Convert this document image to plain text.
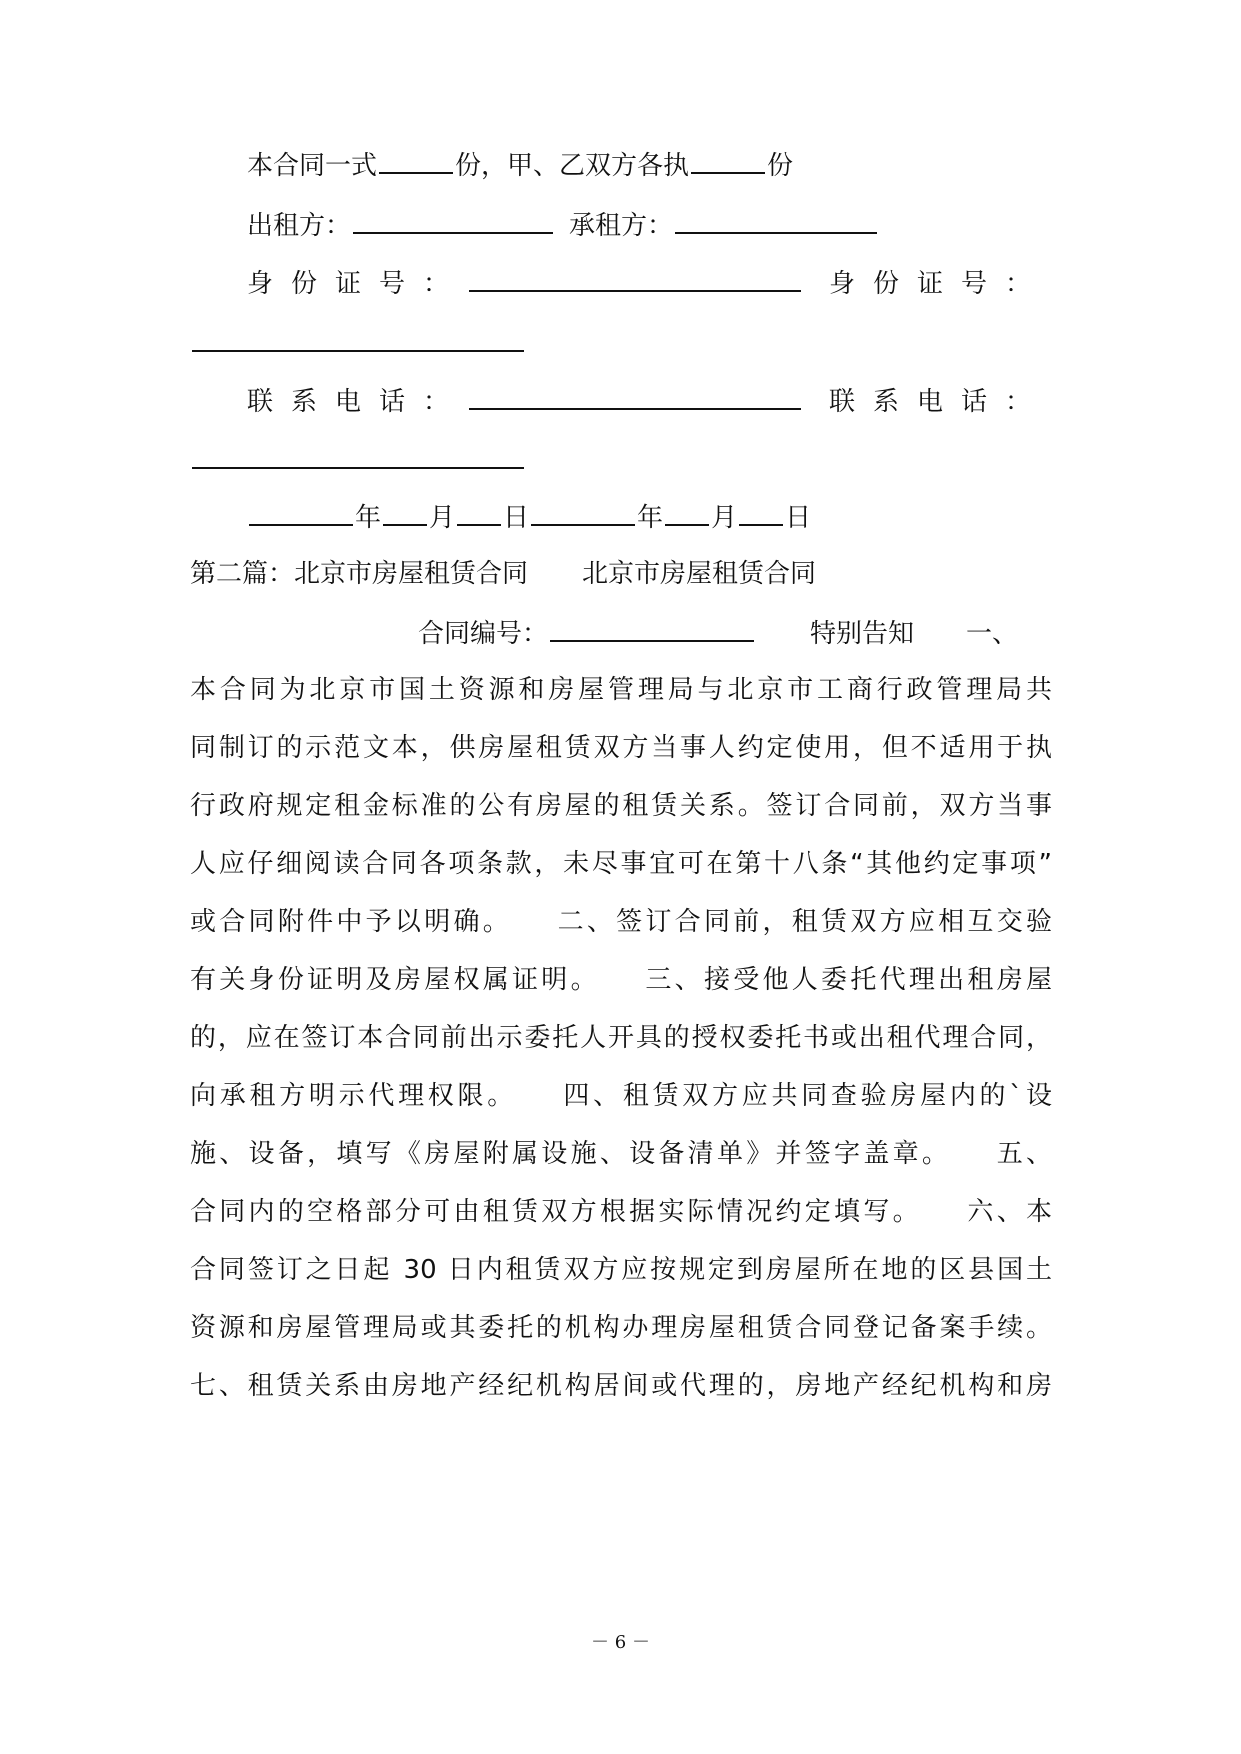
本合同一式	份，甲、乙双方各执	份
出租方：	承租方：
身份证号：	身份证号：
联系电话：	联系电话：
年 月 日	年 月 日
第二篇：北京市房屋租赁合同 北京市房屋租赁合同
合同编号：	特别告知 一、
本合同为北京市国土资源和房屋管理局与北京市工商行政管理局共
同制订的示范文本，供房屋租赁双方当事人约定使用，但不适用于执
行政府规定租金标准的公有房屋的租赁关系。签订合同前，双方当事
人应仔细阅读合同各项条款，未尽事宜可在第十八条“其他约定事项”
或合同附件中予以明确。　　二、签订合同前，租赁双方应相互交验
有关身份证明及房屋权属证明。　　三、接受他人委托代理出租房屋
的，应在签订本合同前出示委托人开具的授权委托书或出租代理合同，
向承租方明示代理权限。　　四、租赁双方应共同查验房屋内的`设
施、设备，填写《房屋附属设施、设备清单》并签字盖章。　　五、
合同内的空格部分可由租赁双方根据实际情况约定填写。　　六、本
合同签订之日起 30 日内租赁双方应按规定到房屋所在地的区县国土
资源和房屋管理局或其委托的机构办理房屋租赁合同登记备案手续。
七、租赁关系由房地产经纪机构居间或代理的，房地产经纪机构和房
－ 6 －
